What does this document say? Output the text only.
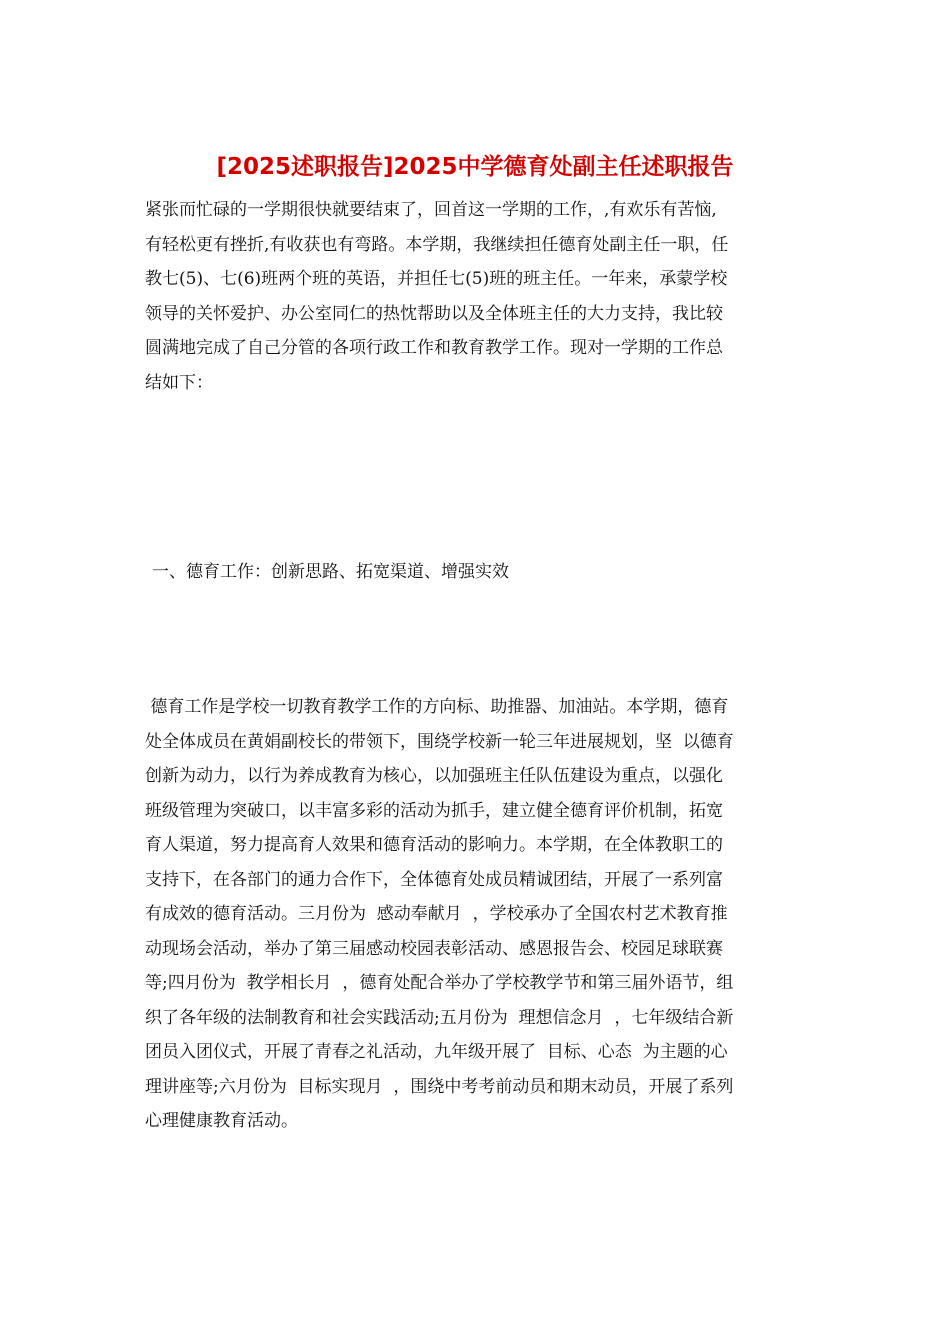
[2025述职报告]2025中学德育处副主任述职报告
紧张而忙碌的一学期很快就要结束了，回首这一学期的工作，,有欢乐有苦恼,
有轻松更有挫折,有收获也有弯路。本学期，我继续担任德育处副主任一职，任
教七(5)、七(6)班两个班的英语，并担任七(5)班的班主任。一年来，承蒙学校
领导的关怀爱护、办公室同仁的热忱帮助以及全体班主任的大力支持，我比较
圆满地完成了自己分管的各项行政工作和教育教学工作。现对一学期的工作总
结如下：
一、德育工作：创新思路、拓宽渠道、增强实效
德育工作是学校一切教育教学工作的方向标、助推器、加油站。本学期，德育
处全体成员在黄娟副校长的带领下，围绕学校新一轮三年进展规划，坚  以德育
创新为动力，以行为养成教育为核心，以加强班主任队伍建设为重点，以强化
班级管理为突破口，以丰富多彩的活动为抓手，建立健全德育评价机制，拓宽
育人渠道，努力提高育人效果和德育活动的影响力。本学期，在全体教职工的
支持下，在各部门的通力合作下，全体德育处成员精诚团结，开展了一系列富
有成效的德育活动。三月份为  感动奉献月  ，学校承办了全国农村艺术教育推
动现场会活动，举办了第三届感动校园表彰活动、感恩报告会、校园足球联赛
等;四月份为  教学相长月  ，德育处配合举办了学校教学节和第三届外语节，组
织了各年级的法制教育和社会实践活动;五月份为  理想信念月  ，七年级结合新
团员入团仪式，开展了青春之礼活动，九年级开展了  目标、心态  为主题的心
理讲座等;六月份为  目标实现月  ，围绕中考考前动员和期末动员，开展了系列
心理健康教育活动。
